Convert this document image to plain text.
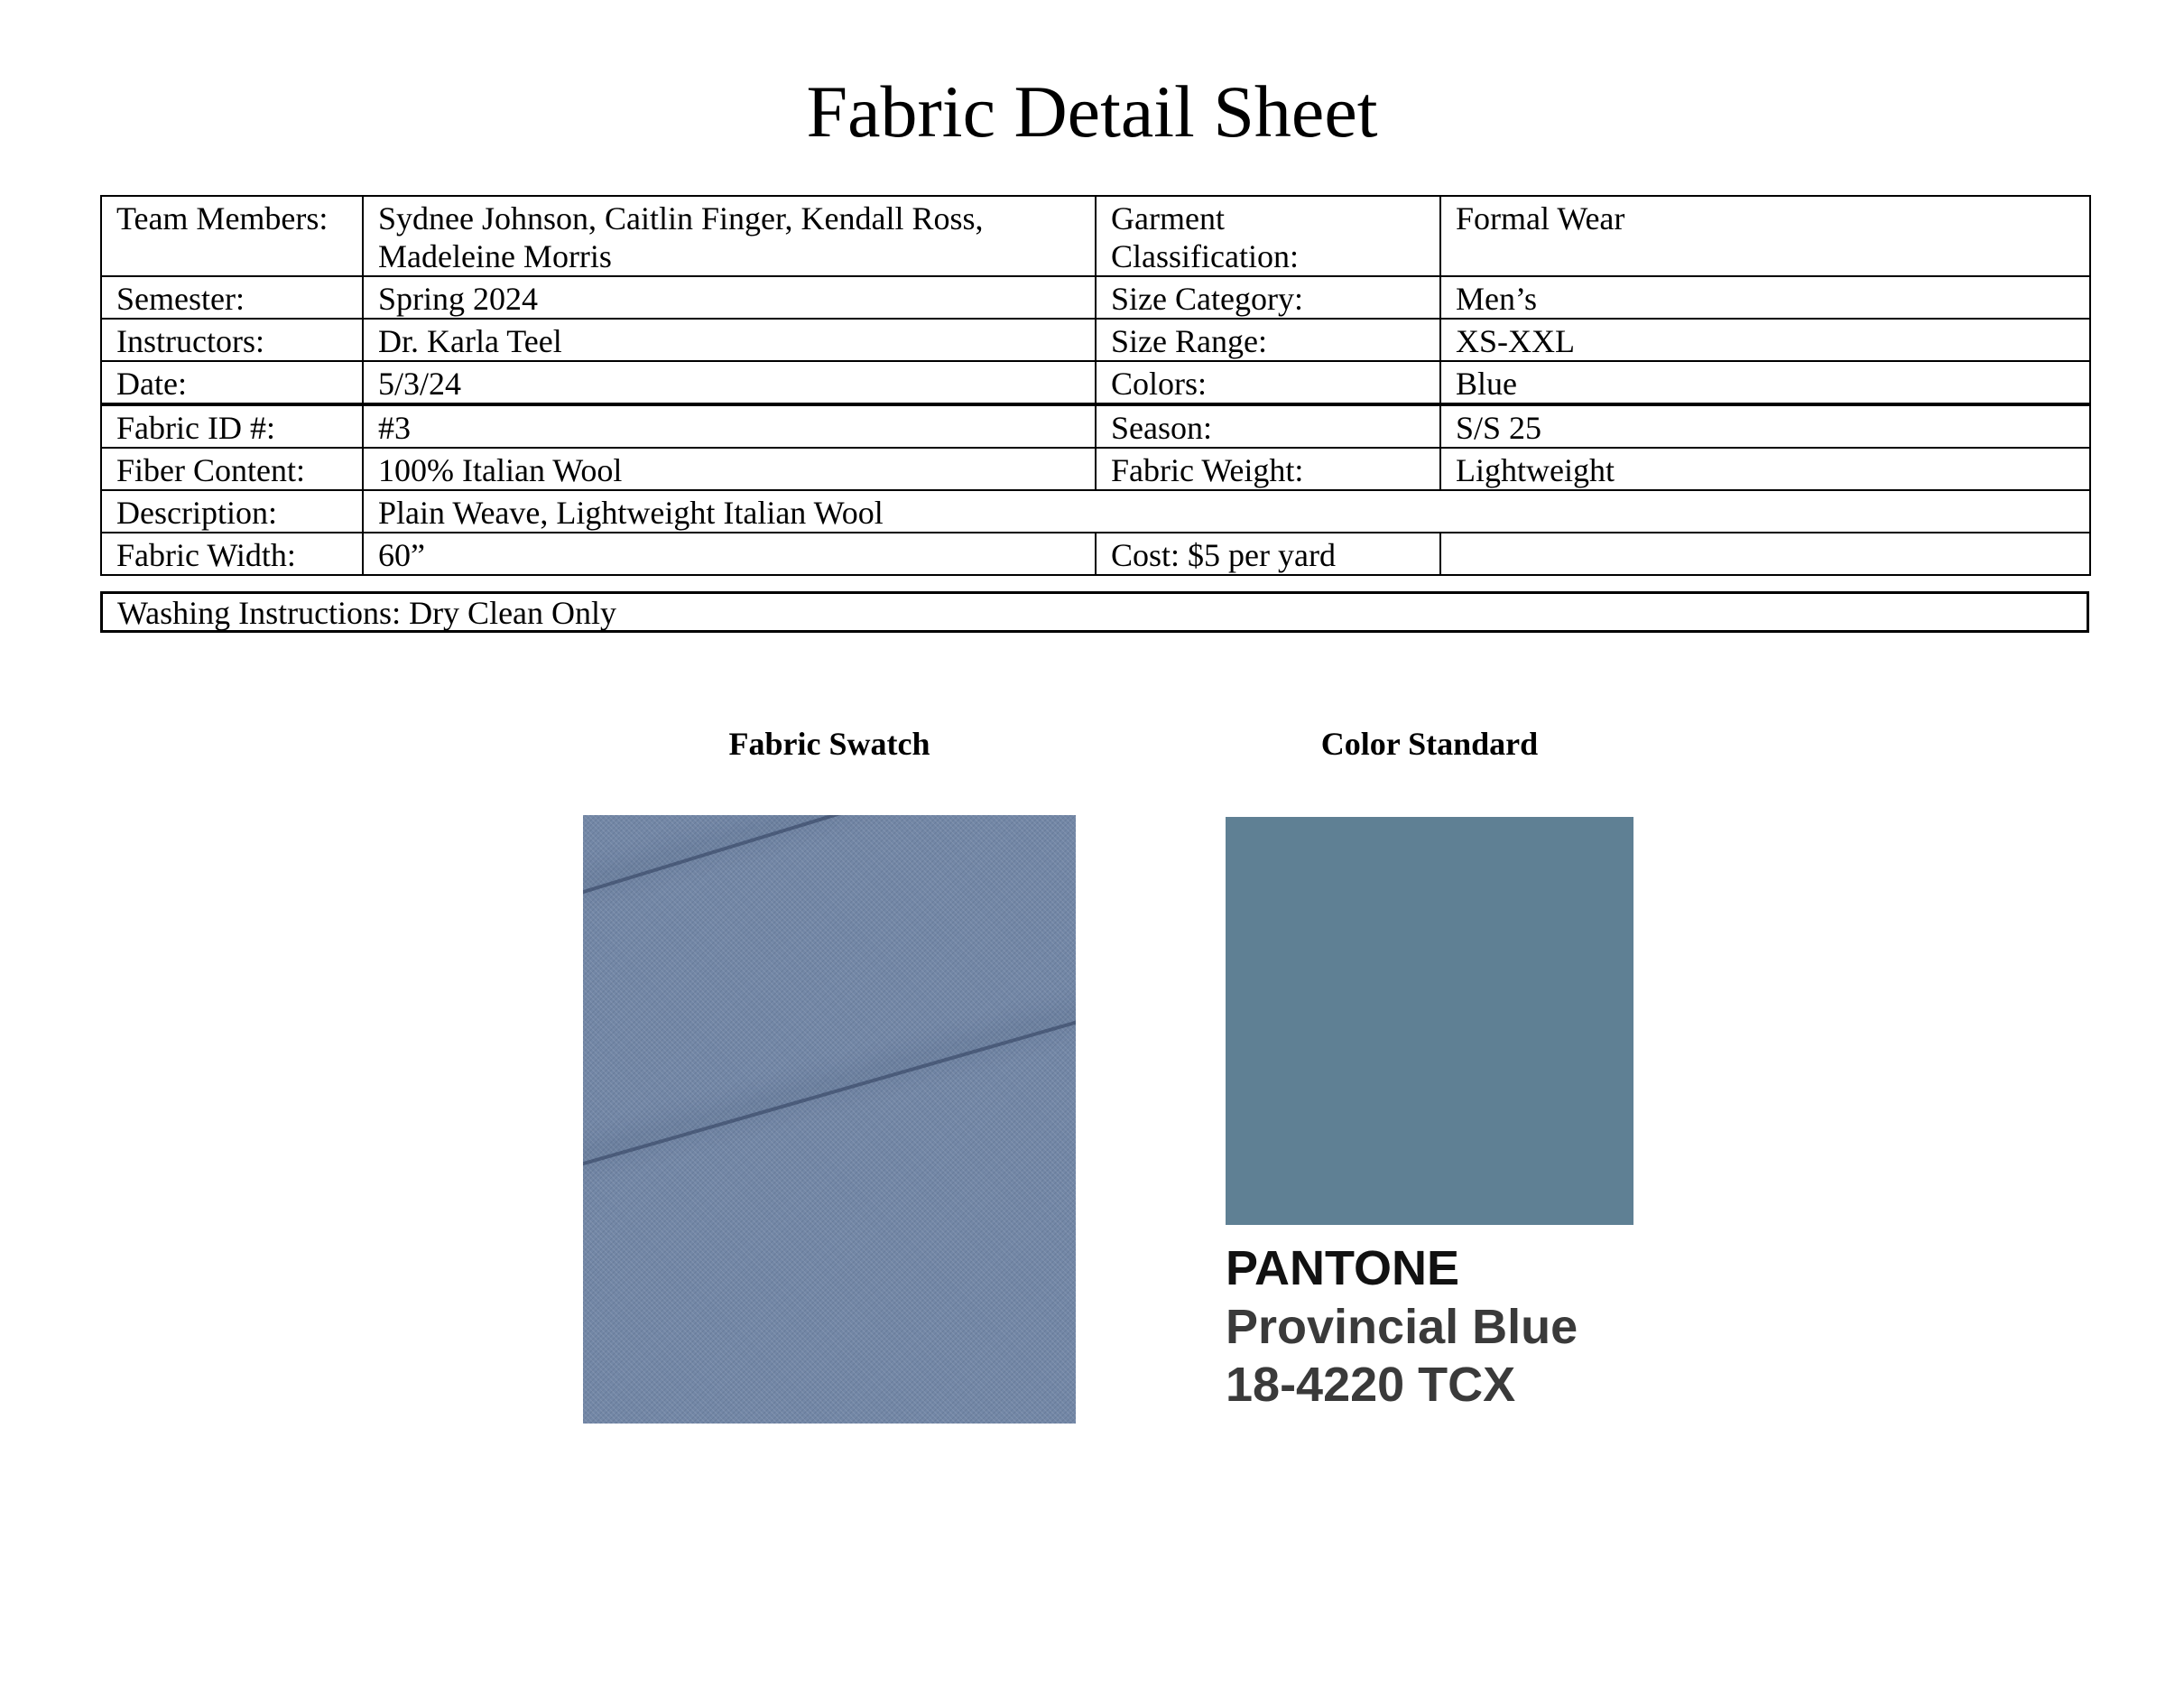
Fabric Detail Sheet
Team Members:	Sydnee Johnson, Caitlin Finger, Kendall Ross, Madeleine Morris	Garment Classification:	Formal Wear
Semester:	Spring 2024	Size Category:	Men’s
Instructors:	Dr. Karla Teel	Size Range:	XS-XXL
Date:	5/3/24	Colors:	Blue
Fabric ID #:	#3	Season:	S/S 25
Fiber Content:	100% Italian Wool	Fabric Weight:	Lightweight
Description:	Plain Weave, Lightweight Italian Wool		
Fabric Width:	60”	Cost: $5 per yard	
Washing Instructions: Dry Clean Only
Fabric Swatch	Color Standard
PANTONE
Provincial Blue
18-4220 TCX
